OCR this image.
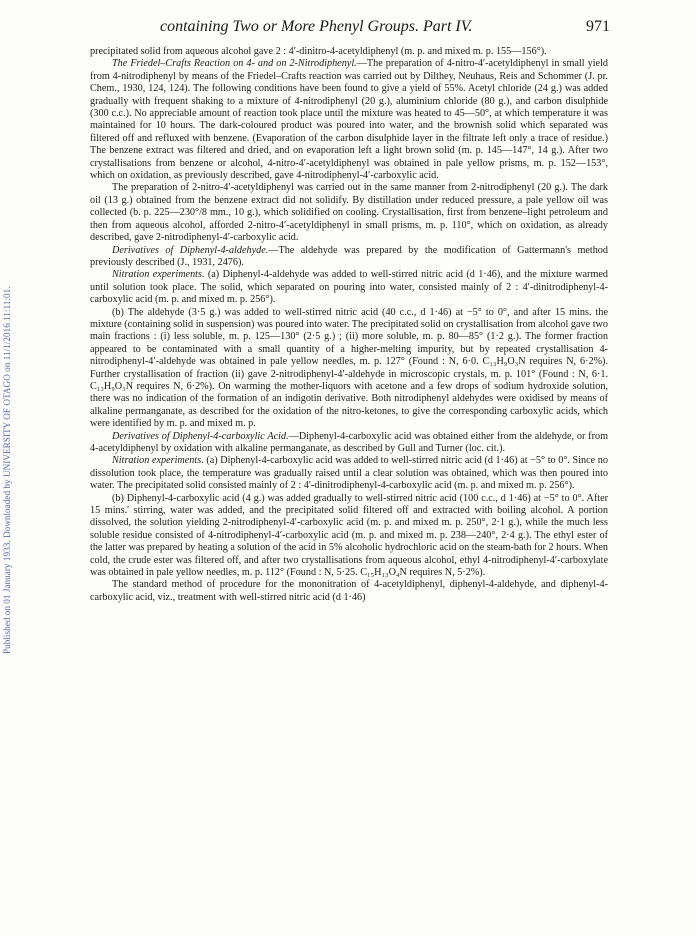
Published on 01 January 1933. Downloaded by UNIVERSITY OF OTAGO on 11/1/2016 11:11:01.
containing Two or More Phenyl Groups. Part IV.	971

precipitated solid from aqueous alcohol gave 2 : 4′-dinitro-4-acetyldiphenyl (m. p. and mixed m. p. 155—156°).

The Friedel–Crafts Reaction on 4- and on 2-Nitrodiphenyl.—The preparation of 4-nitro-4′-acetyldiphenyl in small yield from 4-nitrodiphenyl by means of the Friedel–Crafts reaction was carried out by Dilthey, Neuhaus, Reis and Schommer (J. pr. Chem., 1930, 124, 124). The following conditions have been found to give a yield of 55%. Acetyl chloride (24 g.) was added gradually with frequent shaking to a mixture of 4-nitrodiphenyl (20 g.), aluminium chloride (80 g.), and carbon disulphide (300 c.c.). No appreciable amount of reaction took place until the mixture was heated to 45—50°, at which temperature it was maintained for 10 hours. The dark-coloured product was poured into water, and the brownish solid which separated was filtered off and refluxed with benzene. (Evaporation of the carbon disulphide layer in the filtrate left only a trace of residue.) The benzene extract was filtered and dried, and on evaporation left a light brown solid (m. p. 145—147°, 14 g.). After two crystallisations from benzene or alcohol, 4-nitro-4′-acetyldiphenyl was obtained in pale yellow prisms, m. p. 152—153°, which on oxidation, as previously described, gave 4-nitrodiphenyl-4′-carboxylic acid.

The preparation of 2-nitro-4′-acetyldiphenyl was carried out in the same manner from 2-nitrodiphenyl (20 g.). The dark oil (13 g.) obtained from the benzene extract did not solidify. By distillation under reduced pressure, a pale yellow oil was collected (b. p. 225—230°/8 mm., 10 g.), which solidified on cooling. Crystallisation, first from benzene–light petroleum and then from aqueous alcohol, afforded 2-nitro-4′-acetyldiphenyl in small prisms, m. p. 110°, which on oxidation, as already described, gave 2-nitrodiphenyl-4′-carboxylic acid.

Derivatives of Diphenyl-4-aldehyde.—The aldehyde was prepared by the modification of Gattermann's method previously described (J., 1931, 2476).

Nitration experiments. (a) Diphenyl-4-aldehyde was added to well-stirred nitric acid (d 1·46), and the mixture warmed until solution took place. The solid, which separated on pouring into water, consisted mainly of 2 : 4′-dinitrodiphenyl-4-carboxylic acid (m. p. and mixed m. p. 256°).

(b) The aldehyde (3·5 g.) was added to well-stirred nitric acid (40 c.c., d 1·46) at −5° to 0°, and after 15 mins. the mixture (containing solid in suspension) was poured into water. The precipitated solid on crystallisation from alcohol gave two main fractions : (i) less soluble, m. p. 125—130° (2·5 g.) ; (ii) more soluble, m. p. 80—85° (1·2 g.). The former fraction appeared to be contaminated with a small quantity of a higher-melting impurity, but by repeated crystallisation 4-nitrodiphenyl-4′-aldehyde was obtained in pale yellow needles, m. p. 127° (Found : N, 6·0. C₁₃H₉O₃N requires N, 6·2%). Further crystallisation of fraction (ii) gave 2-nitrodiphenyl-4′-aldehyde in microscopic crystals, m. p. 101° (Found : N, 6·1. C₁₃H₉O₃N requires N, 6·2%). On warming the mother-liquors with acetone and a few drops of sodium hydroxide solution, there was no indication of the formation of an indigotin derivative. Both nitrodiphenyl aldehydes were oxidised by means of alkaline permanganate, as described for the oxidation of the nitro-ketones, to give the corresponding carboxylic acids, which were identified by m. p. and mixed m. p.

Derivatives of Diphenyl-4-carboxylic Acid.—Diphenyl-4-carboxylic acid was obtained either from the aldehyde, or from 4-acetyldiphenyl by oxidation with alkaline permanganate, as described by Gull and Turner (loc. cit.).

Nitration experiments. (a) Diphenyl-4-carboxylic acid was added to well-stirred nitric acid (d 1·46) at −5° to 0°. Since no dissolution took place, the temperature was gradually raised until a clear solution was obtained, which was then poured into water. The precipitated solid consisted mainly of 2 : 4′-dinitrodiphenyl-4-carboxylic acid (m. p. and mixed m. p. 256°).

(b) Diphenyl-4-carboxylic acid (4 g.) was added gradually to well-stirred nitric acid (100 c.c., d 1·46) at −5° to 0°. After 15 mins.' stirring, water was added, and the precipitated solid filtered off and extracted with boiling alcohol. A portion dissolved, the solution yielding 2-nitrodiphenyl-4′-carboxylic acid (m. p. and mixed m. p. 250°, 2·1 g.), while the much less soluble residue consisted of 4-nitrodiphenyl-4′-carboxylic acid (m. p. and mixed m. p. 238—240°, 2·4 g.). The ethyl ester of the latter was prepared by heating a solution of the acid in 5% alcoholic hydrochloric acid on the steam-bath for 2 hours. When cold, the crude ester was filtered off, and after two crystallisations from aqueous alcohol, ethyl 4-nitrodiphenyl-4′-carboxylate was obtained in pale yellow needles, m. p. 112° (Found : N, 5·25. C₁₅H₁₃O₄N requires N, 5·2%).

The standard method of procedure for the mononitration of 4-acetyldiphenyl, diphenyl-4-aldehyde, and diphenyl-4-carboxylic acid, viz., treatment with well-stirred nitric acid (d 1·46)
